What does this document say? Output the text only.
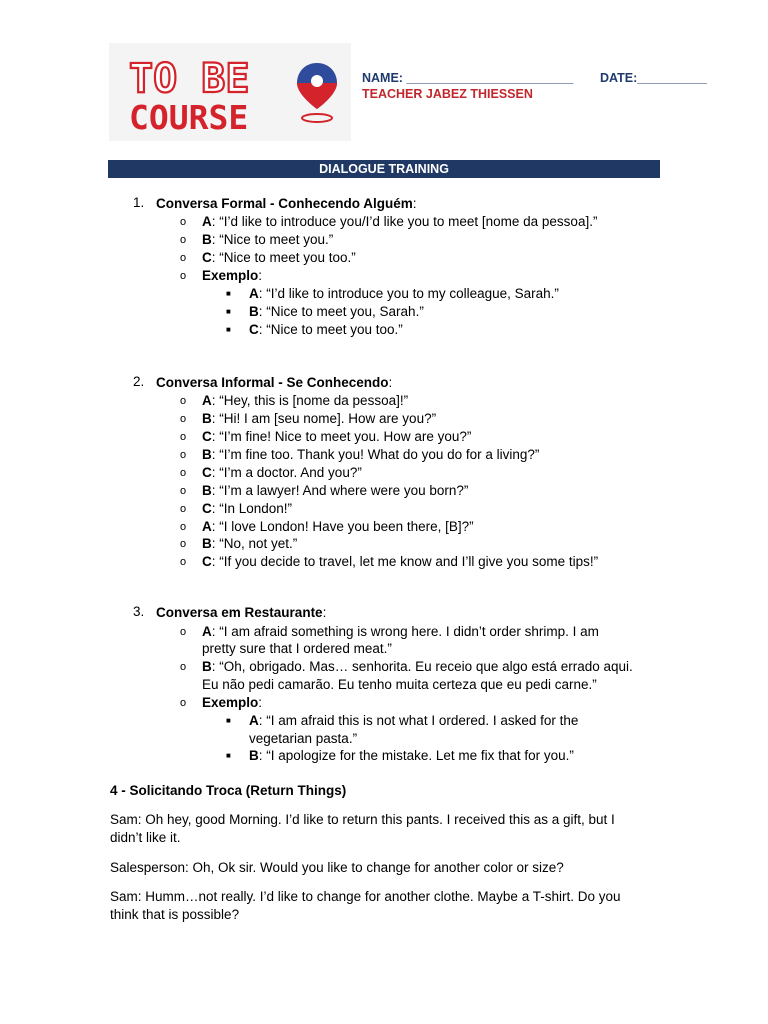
TO BE
COURSE
NAME: ________________________ DATE:__________
TEACHER JABEZ THIESSEN
DIALOGUE TRAINING
1. Conversa Formal - Conhecendo Alguém:
o A: “I’d like to introduce you/I’d like you to meet [nome da pessoa].”
o B: “Nice to meet you.”
o C: “Nice to meet you too.”
o Exemplo:
■ A: “I’d like to introduce you to my colleague, Sarah.”
■ B: “Nice to meet you, Sarah.”
■ C: “Nice to meet you too.”
2. Conversa Informal - Se Conhecendo:
o A: “Hey, this is [nome da pessoa]!”
o B: “Hi! I am [seu nome]. How are you?”
o C: “I’m fine! Nice to meet you. How are you?”
o B: “I’m fine too. Thank you! What do you do for a living?”
o C: “I’m a doctor. And you?”
o B: “I’m a lawyer! And where were you born?”
o C: “In London!”
o A: “I love London! Have you been there, [B]?”
o B: “No, not yet.”
o C: “If you decide to travel, let me know and I’ll give you some tips!”
3. Conversa em Restaurante:
o A: “I am afraid something is wrong here. I didn’t order shrimp. I am
pretty sure that I ordered meat.”
o B: “Oh, obrigado. Mas… senhorita. Eu receio que algo está errado aqui.
Eu não pedi camarão. Eu tenho muita certeza que eu pedi carne.”
o Exemplo:
■ A: “I am afraid this is not what I ordered. I asked for the
vegetarian pasta.”
■ B: “I apologize for the mistake. Let me fix that for you.”
4 - Solicitando Troca (Return Things)
Sam: Oh hey, good Morning. I’d like to return this pants. I received this as a gift, but I
didn’t like it.
Salesperson: Oh, Ok sir. Would you like to change for another color or size?
Sam: Humm…not really. I’d like to change for another clothe. Maybe a T-shirt. Do you
think that is possible?
